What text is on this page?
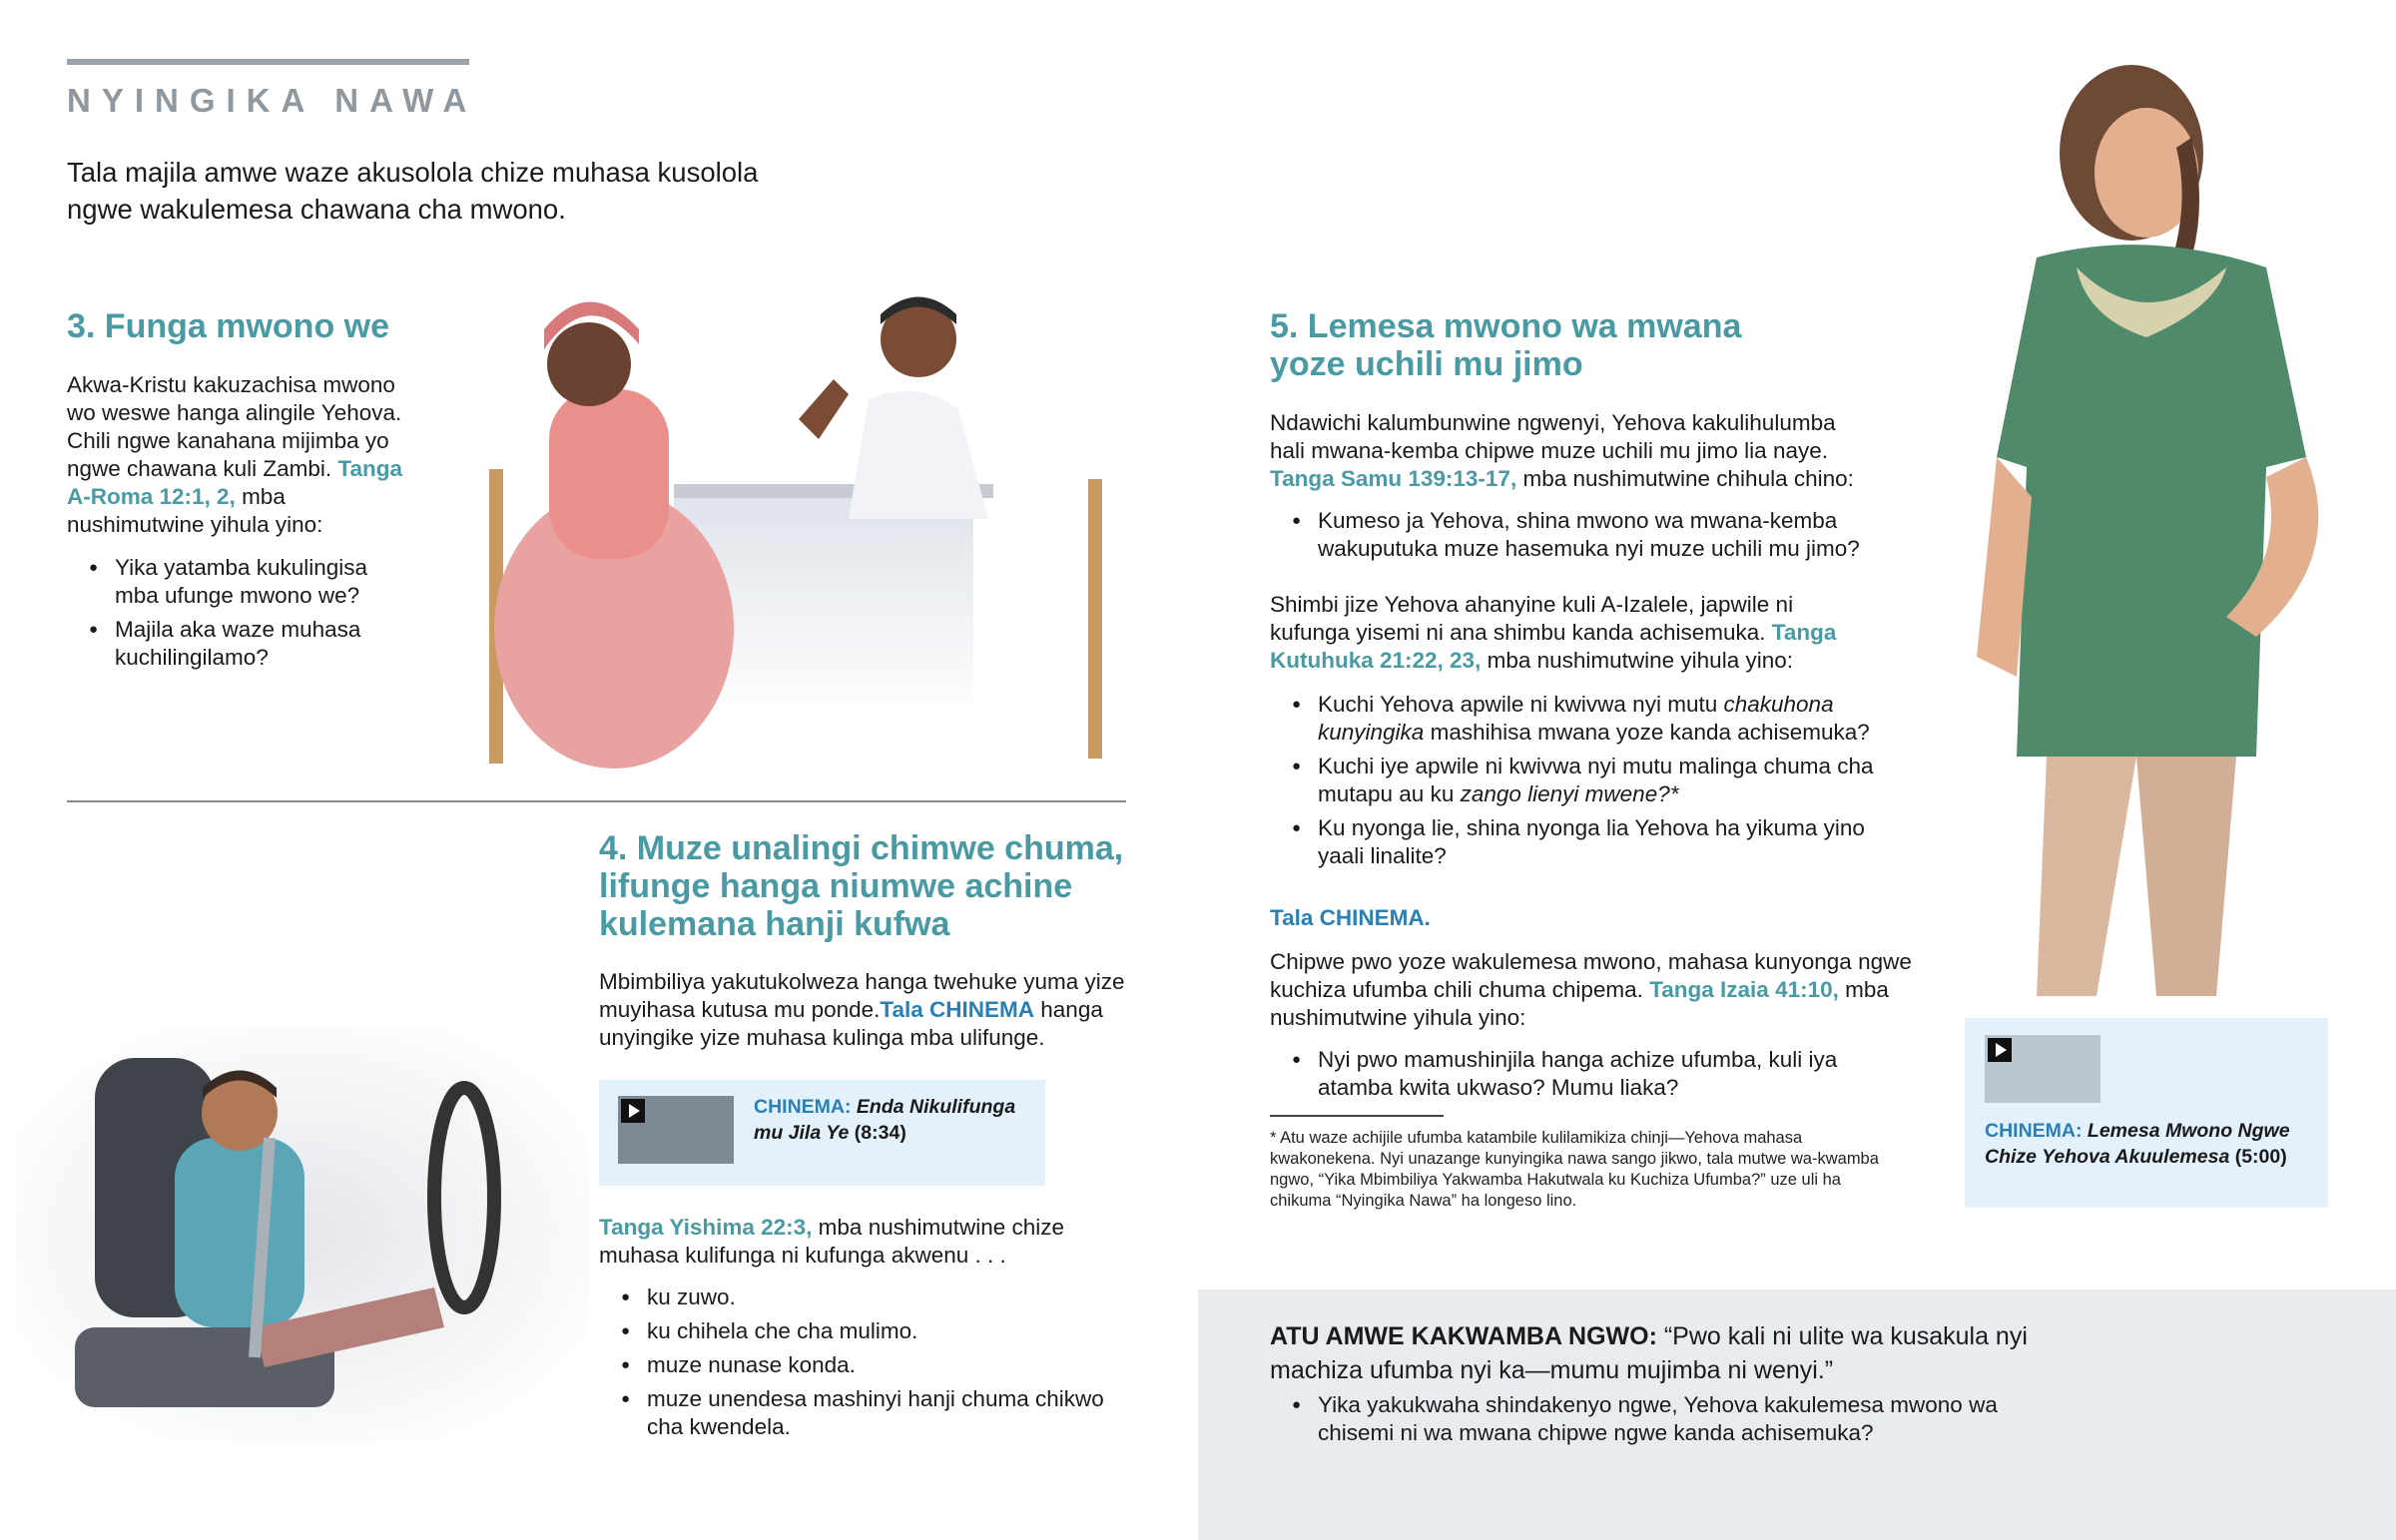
NYINGIKA NAWA
Tala majila amwe waze akusolola chize muhasa kusolola ngwe wakulemesa chawana cha mwono.
3. Funga mwono we

Akwa-Kristu kakuzachisa mwono wo weswe hanga alingile Yehova. Chili ngwe kanahana mijimba yo ngwe chawana kuli Zambi. Tanga A-Roma 12:1, 2, mba nushimutwine yihula yino:

● Yika yatamba kukulingisa mba ufunge mwono we?
● Majila aka waze muhasa kuchilingilamo?
4. Muze unalingi chimwe chuma, lifunge hanga niumwe achine kulemana hanji kufwa

Mbimbiliya yakutukolweza hanga twehuke yuma yize muyihasa kutusa mu ponde.Tala CHINEMA hanga unyingike yize muhasa kulinga mba ulifunge.

CHINEMA: Enda Nikulifunga mu Jila Ye (8:34)

Tanga Yishima 22:3, mba nushimutwine chize muhasa kulifunga ni kufunga akwenu . . .

● ku zuwo.
● ku chihela che cha mulimo.
● muze nunase konda.
● muze unendesa mashinyi hanji chuma chikwo cha kwendela.
5. Lemesa mwono wa mwana yoze uchili mu jimo

Ndawichi kalumbunwine ngwenyi, Yehova kakulihulumba hali mwana-kemba chipwe muze uchili mu jimo lia naye. Tanga Samu 139:13-17, mba nushimutwine chihula chino:

● Kumeso ja Yehova, shina mwono wa mwana-kemba wakuputuka muze hasemuka nyi muze uchili mu jimo?

Shimbi jize Yehova ahanyine kuli A-Izalele, japwile ni kufunga yisemi ni ana shimbu kanda achisemuka. Tanga Kutuhuka 21:22, 23, mba nushimutwine yihula yino:

● Kuchi Yehova apwile ni kwivwa nyi mutu chakuhona kunyingika mashihisa mwana yoze kanda achisemuka?
● Kuchi iye apwile ni kwivwa nyi mutu malinga chuma cha mutapu au ku zango lienyi mwene?*
● Ku nyonga lie, shina nyonga lia Yehova ha yikuma yino yaali linalite?
Tala CHINEMA.

Chipwe pwo yoze wakulemesa mwono, mahasa kunyonga ngwe kuchiza ufumba chili chuma chipema. Tanga Izaia 41:10, mba nushimutwine yihula yino:

● Nyi pwo mamushinjila hanga achize ufumba, kuli iya atamba kwita ukwaso? Mumu liaka?
* Atu waze achijile ufumba katambile kulilamikiza chinji—Yehova mahasa kwakonekena. Nyi unazange kunyingika nawa sango jikwo, tala mutwe wa-kwamba ngwo, “Yika Mbimbiliya Yakwamba Hakutwala ku Kuchiza Ufumba?” uze uli ha chikuma “Nyingika Nawa” ha longeso lino.
CHINEMA: Lemesa Mwono Ngwe Chize Yehova Akuulemesa (5:00)
ATU AMWE KAKWAMBA NGWO: “Pwo kali ni ulite wa kusakula nyi machiza ufumba nyi ka—mumu mujimba ni wenyi.”
● Yika yakukwaha shindakenyo ngwe, Yehova kakulemesa mwono wa chisemi ni wa mwana chipwe ngwe kanda achisemuka?
